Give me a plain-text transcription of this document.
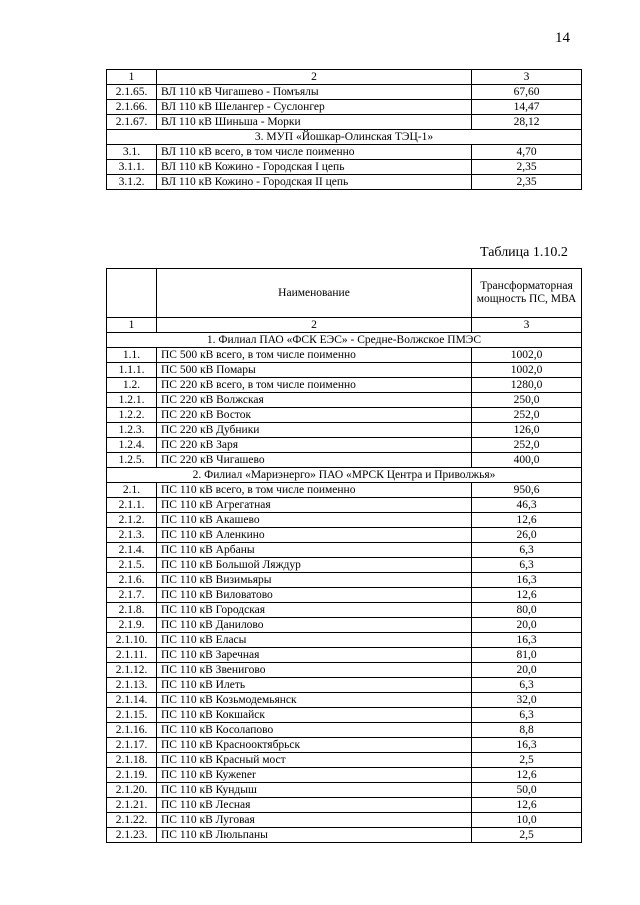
14
1	2	3
2.1.65.	ВЛ 110 кВ Чигашево - Помъялы	67,60
2.1.66.	ВЛ 110 кВ Шелангер - Суслонгер	14,47
2.1.67.	ВЛ 110 кВ Шиньша - Морки	28,12
3. МУП «Йошкар-Олинская ТЭЦ-1»		
3.1.	ВЛ 110 кВ всего, в том числе поименно	4,70
3.1.1.	ВЛ 110 кВ Кожино - Городская I цепь	2,35
3.1.2.	ВЛ 110 кВ Кожино - Городская II цепь	2,35
Таблица 1.10.2
	Наименование	Трансформаторная мощность ПС, МВА
1	2	3
1. Филиал ПАО «ФСК ЕЭС» - Средне-Волжское ПМЭС		
1.1.	ПС 500 кВ всего, в том числе поименно	1002,0
1.1.1.	ПС 500 кВ Помары	1002,0
1.2.	ПС 220 кВ всего, в том числе поименно	1280,0
1.2.1.	ПС 220 кВ Волжская	250,0
1.2.2.	ПС 220 кВ Восток	252,0
1.2.3.	ПС 220 кВ Дубники	126,0
1.2.4.	ПС 220 кВ Заря	252,0
1.2.5.	ПС 220 кВ Чигашево	400,0
2. Филиал «Мариэнерго» ПАО «МРСК Центра и Приволжья»		
2.1.	ПС 110 кВ всего, в том числе поименно	950,6
2.1.1.	ПС 110 кВ Агрегатная	46,3
2.1.2.	ПС 110 кВ Акашево	12,6
2.1.3.	ПС 110 кВ Аленкино	26,0
2.1.4.	ПС 110 кВ Арбаны	6,3
2.1.5.	ПС 110 кВ Большой Ляждур	6,3
2.1.6.	ПС 110 кВ Визимьяры	16,3
2.1.7.	ПС 110 кВ Виловатово	12,6
2.1.8.	ПС 110 кВ Городская	80,0
2.1.9.	ПС 110 кВ Данилово	20,0
2.1.10.	ПС 110 кВ Еласы	16,3
2.1.11.	ПС 110 кВ Заречная	81,0
2.1.12.	ПС 110 кВ Звенигово	20,0
2.1.13.	ПС 110 кВ Илеть	6,3
2.1.14.	ПС 110 кВ Козьмодемьянск	32,0
2.1.15.	ПС 110 кВ Кокшайск	6,3
2.1.16.	ПС 110 кВ Косолапово	8,8
2.1.17.	ПС 110 кВ Краснооктябрьск	16,3
2.1.18.	ПС 110 кВ Красный мост	2,5
2.1.19.	ПС 110 кВ Кужener	12,6
2.1.20.	ПС 110 кВ Кундыш	50,0
2.1.21.	ПС 110 кВ Лесная	12,6
2.1.22.	ПС 110 кВ Луговая	10,0
2.1.23.	ПС 110 кВ Люльпаны	2,5
